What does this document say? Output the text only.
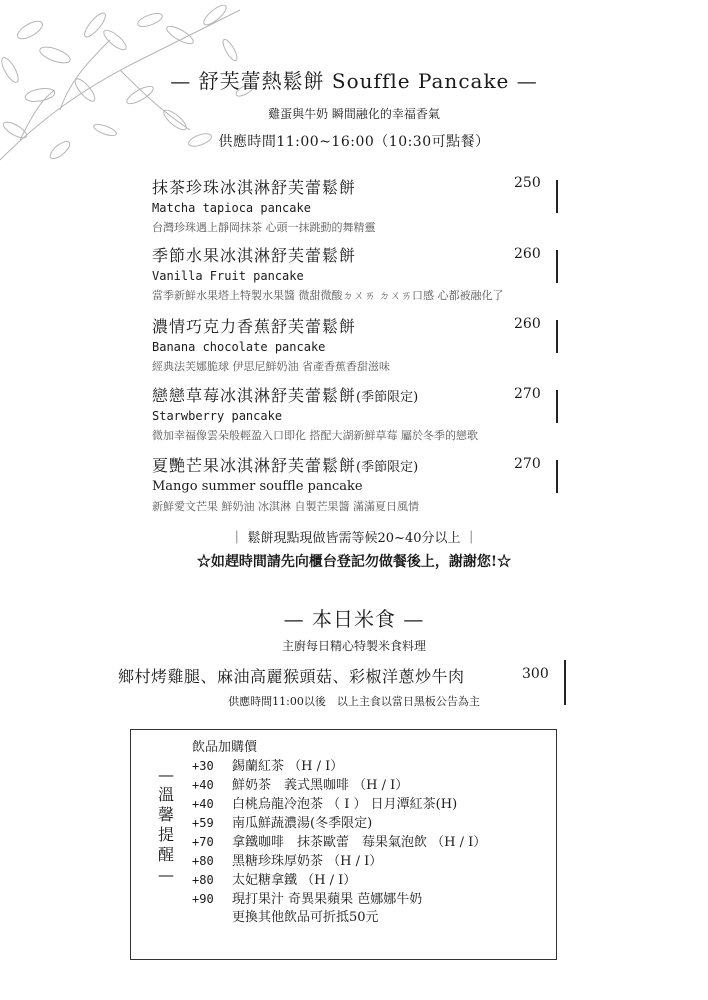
— 舒芙蕾熱鬆餅 Souffle Pancake —
雞蛋與牛奶 瞬間融化的幸福香氣
供應時間11:00~16:00（10:30可點餐）
抹茶珍珠冰淇淋舒芙蕾鬆餅
Matcha tapioca pancake
台灣珍珠遇上靜岡抹茶 心頭一抹跳動的舞精靈
250
季節水果冰淇淋舒芙蕾鬆餅
Vanilla Fruit pancake
當季新鮮水果塔上特製水果醬 微甜微酸ㄉㄨㄞ ㄉㄨㄞ口感 心都被融化了
260
濃情巧克力香蕉舒芙蕾鬆餅
Banana chocolate pancake
經典法芙娜脆球 伊思尼鮮奶油 省產香蕉香甜滋味
260
戀戀草莓冰淇淋舒芙蕾鬆餅(季節限定)
Starwberry pancake
微加幸福像雲朵般輕盈入口即化 搭配大湖新鮮草莓 屬於冬季的戀歌
270
夏艷芒果冰淇淋舒芙蕾鬆餅(季節限定)
Mango summer souffle pancake
新鮮愛文芒果 鮮奶油 冰淇淋 自製芒果醬 滿滿夏日風情
270
｜ 鬆餅現點現做皆需等候20~40分以上 ｜
☆如趕時間請先向櫃台登記勿做餐後上，謝謝您!☆
— 本日米食 —
主廚每日精心特製米食料理
鄉村烤雞腿、麻油高麗猴頭菇、彩椒洋蔥炒牛肉	300
供應時間11:00以後　以上主食以當日黑板公告為主
—
溫
馨
提
醒
—
飲品加購價
+30 錫蘭紅茶 （H / I）
+40 鮮奶茶　義式黑咖啡 （H / I）
+40 白桃烏龍冷泡茶 （ I ） 日月潭紅茶(H)
+59 南瓜鮮蔬濃湯(冬季限定)
+70 拿鐵咖啡　抹茶歐蕾　莓果氣泡飲 （H / I）
+80 黑糖珍珠厚奶茶 （H / I）
+80 太妃糖拿鐵 （H / I）
+90 現打果汁 奇異果蘋果 芭娜娜牛奶
更換其他飲品可折抵50元
